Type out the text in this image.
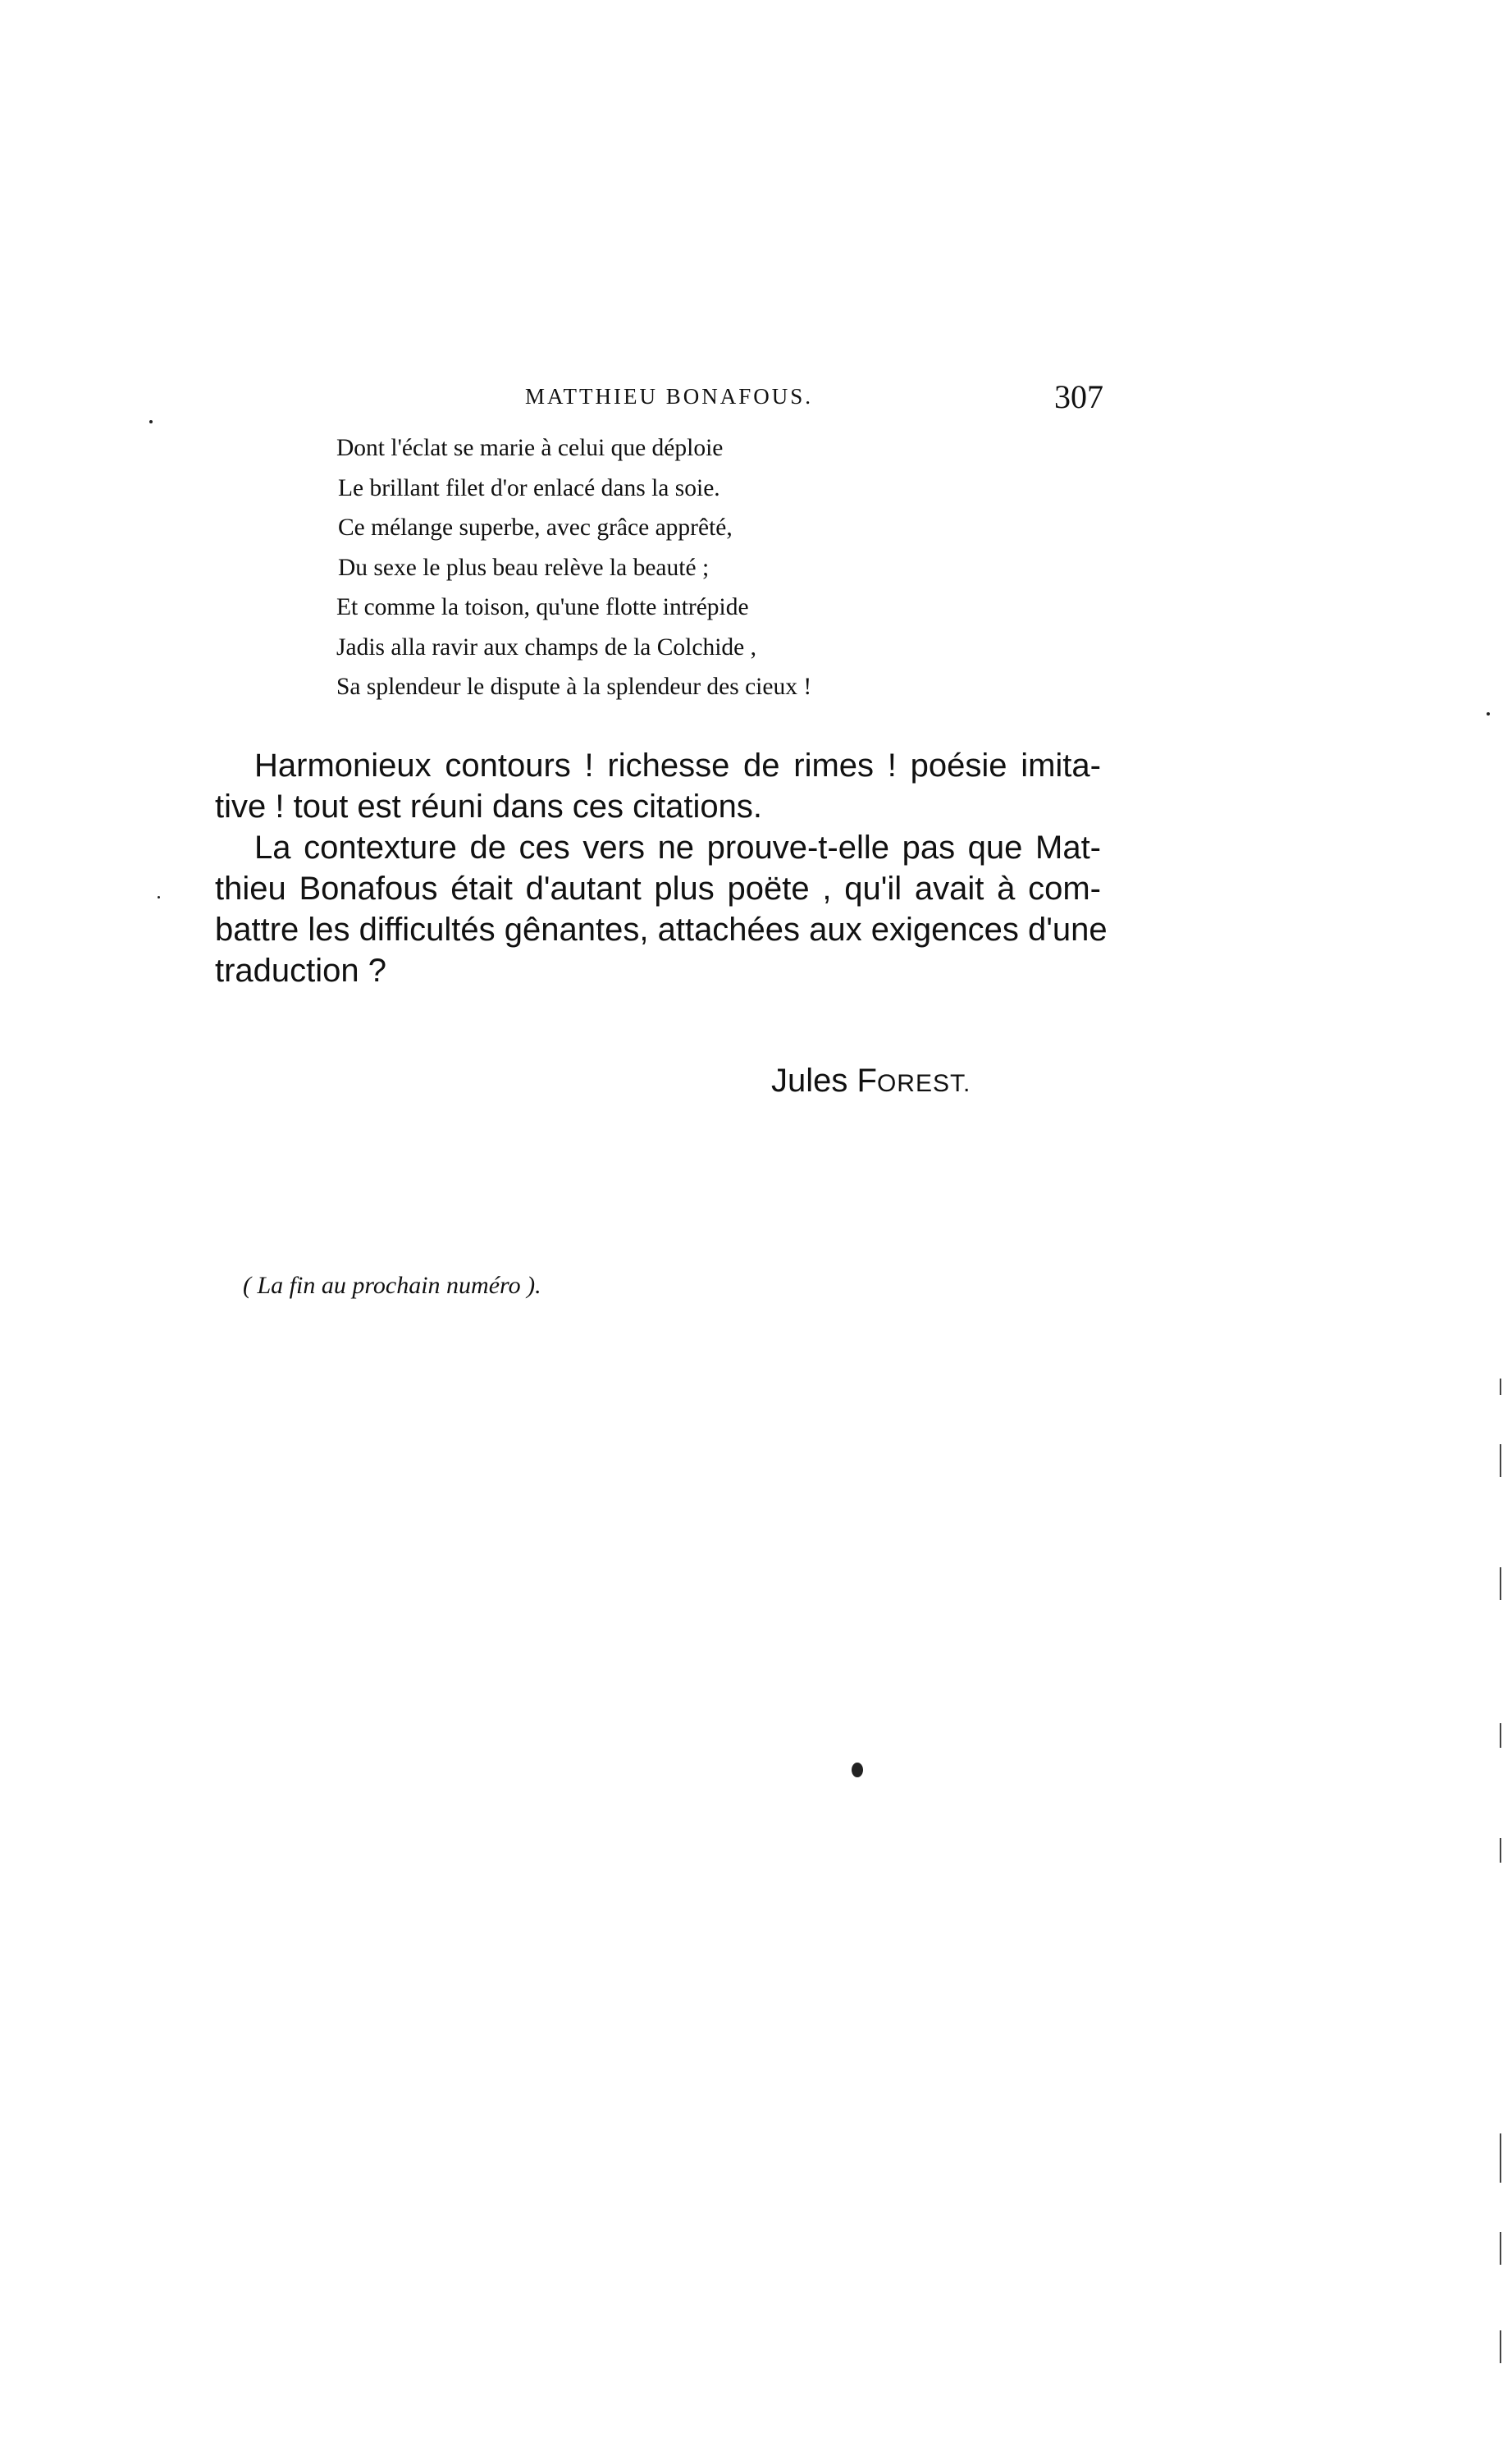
MATTHIEU BONAFOUS.	307
Dont l'éclat se marie à celui que déploie
Le brillant filet d'or enlacé dans la soie.
Ce mélange superbe, avec grâce apprêté,
Du sexe le plus beau relève la beauté ;
Et comme la toison, qu'une flotte intrépide
Jadis alla ravir aux champs de la Colchide ,
Sa splendeur le dispute à la splendeur des cieux !
Harmonieux contours ! richesse de rimes ! poésie imita-
tive ! tout est réuni dans ces citations.
La contexture de ces vers ne prouve-t-elle pas que Mat-
thieu Bonafous était d'autant plus poëte , qu'il avait à com-
battre les difficultés gênantes, attachées aux exigences d'une
traduction ?
Jules FOREST.
( La fin au prochain numéro ).
